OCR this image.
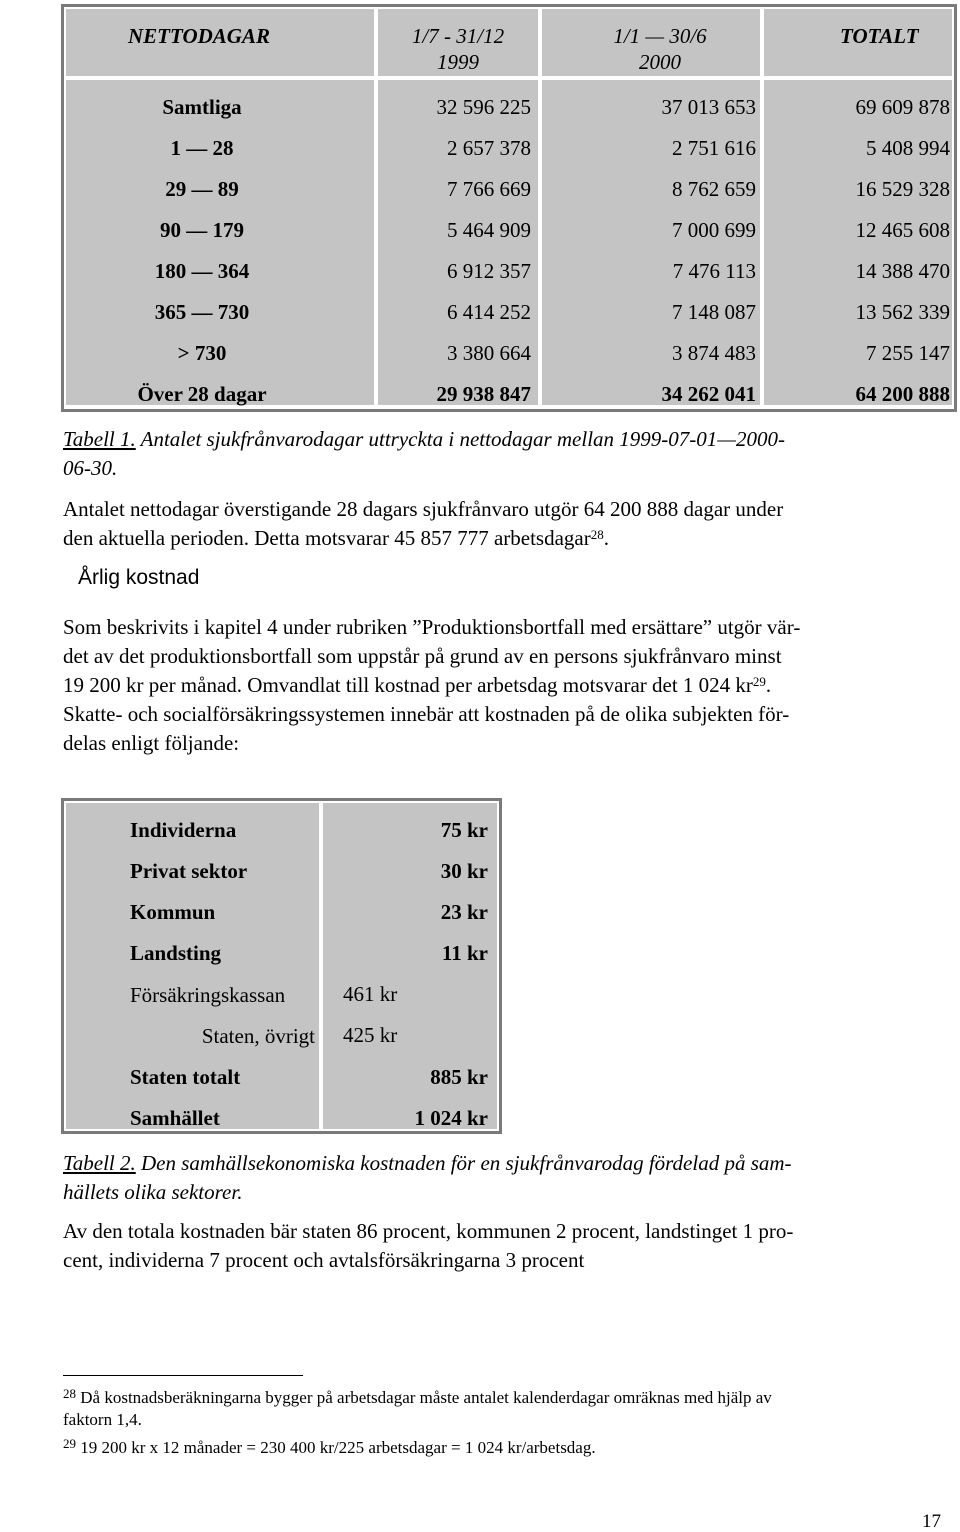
NETTODAGAR	1/7 - 31/12
1999
1/1 — 30/6
2000
TOTALT
Samtliga
1 — 28
29 — 89
90 — 179
180 — 364
365 — 730
> 730
Över 28 dagar
32 596 225
2 657 378
7 766 669
5 464 909
6 912 357
6 414 252
3 380 664
29 938 847
37 013 653
2 751 616
8 762 659
7 000 699
7 476 113
7 148 087
3 874 483
34 262 041
69 609 878
5 408 994
16 529 328
12 465 608
14 388 470
13 562 339
7 255 147
64 200 888
Tabell 1. Antalet sjukfrånvarodagar uttryckta i nettodagar mellan 1999-07-01—2000-
06-30.
Antalet nettodagar överstigande 28 dagars sjukfrånvaro utgör 64 200 888 dagar under
den aktuella perioden. Detta motsvarar 45 857 777 arbetsdagar$^{28}$.
Årlig kostnad
Som beskrivits i kapitel 4 under rubriken ”Produktionsbortfall med ersättare” utgör vär-
det av det produktionsbortfall som uppstår på grund av en persons sjukfrånvaro minst
19 200 kr per månad. Omvandlat till kostnad per arbetsdag motsvarar det 1 024 $kr^{29}$.
Skatte- och socialförsäkringssystemen innebär att kostnaden på de olika subjekten för-
delas enligt följande:
Individerna
Privat sektor
Kommun
Landsting
Försäkringskassan
Staten, övrigt
Staten totalt
Samhället
461 kr
425 kr
75 kr
30 kr
23 kr
11 kr
885 kr
1 024 kr
Tabell 2. Den samhällsekonomiska kostnaden för en sjukfrånvarodag fördelad på sam-
hällets olika sektorer.
Av den totala kostnaden bär staten 86 procent, kommunen 2 procent, landstinget 1 pro-
cent, individerna 7 procent och avtalsförsäkringarna 3 procent
$^{28}$ Då kostnadsberäkningarna bygger på arbetsdagar måste antalet kalenderdagar omräknas med hjälp av
faktorn 1,4.
$^{29}$ 19 200 kr x 12 månader = 230 400 kr/225 arbetsdagar = 1 024 kr/arbetsdag.
17
